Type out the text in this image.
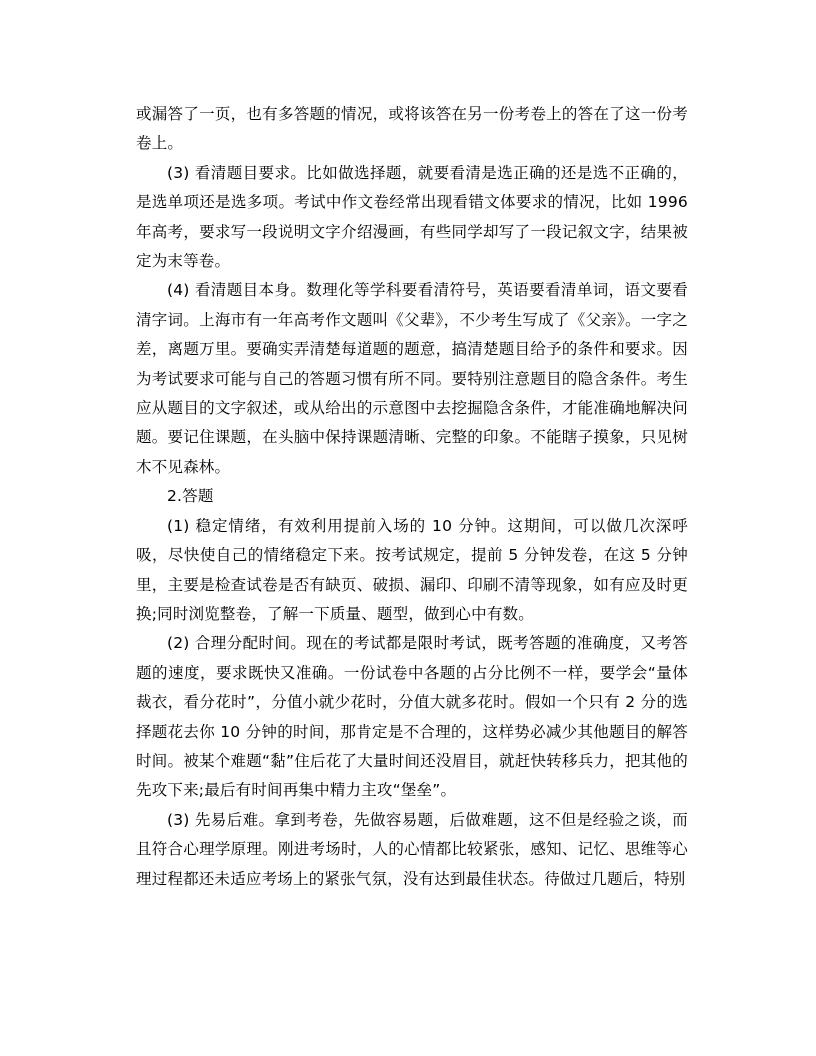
或漏答了一页，也有多答题的情况，或将该答在另一份考卷上的答在了这一份考卷上。

(3) 看清题目要求。比如做选择题，就要看清是选正确的还是选不正确的，是选单项还是选多项。考试中作文卷经常出现看错文体要求的情况，比如 1996 年高考，要求写一段说明文字介绍漫画，有些同学却写了一段记叙文字，结果被定为末等卷。

(4) 看清题目本身。数理化等学科要看清符号，英语要看清单词，语文要看清字词。上海市有一年高考作文题叫《父辈》，不少考生写成了《父亲》。一字之差，离题万里。要确实弄清楚每道题的题意，搞清楚题目给予的条件和要求。因为考试要求可能与自己的答题习惯有所不同。要特别注意题目的隐含条件。考生应从题目的文字叙述，或从给出的示意图中去挖掘隐含条件，才能准确地解决问题。要记住课题，在头脑中保持课题清晰、完整的印象。不能瞎子摸象，只见树木不见森林。

2.答题

(1) 稳定情绪，有效利用提前入场的 10 分钟。这期间，可以做几次深呼吸，尽快使自己的情绪稳定下来。按考试规定，提前 5 分钟发卷，在这 5 分钟里，主要是检查试卷是否有缺页、破损、漏印、印刷不清等现象，如有应及时更换;同时浏览整卷，了解一下质量、题型，做到心中有数。

(2) 合理分配时间。现在的考试都是限时考试，既考答题的准确度，又考答题的速度，要求既快又准确。一份试卷中各题的占分比例不一样，要学会“量体裁衣，看分花时”，分值小就少花时，分值大就多花时。假如一个只有 2 分的选择题花去你 10 分钟的时间，那肯定是不合理的，这样势必减少其他题目的解答时间。被某个难题“黏”住后花了大量时间还没眉目，就赶快转移兵力，把其他的先攻下来;最后有时间再集中精力主攻“堡垒”。

(3) 先易后难。拿到考卷，先做容易题，后做难题，这不但是经验之谈，而且符合心理学原理。刚进考场时，人的心情都比较紧张，感知、记忆、思维等心理过程都还未适应考场上的紧张气氛，没有达到最佳状态。待做过几题后，特别
